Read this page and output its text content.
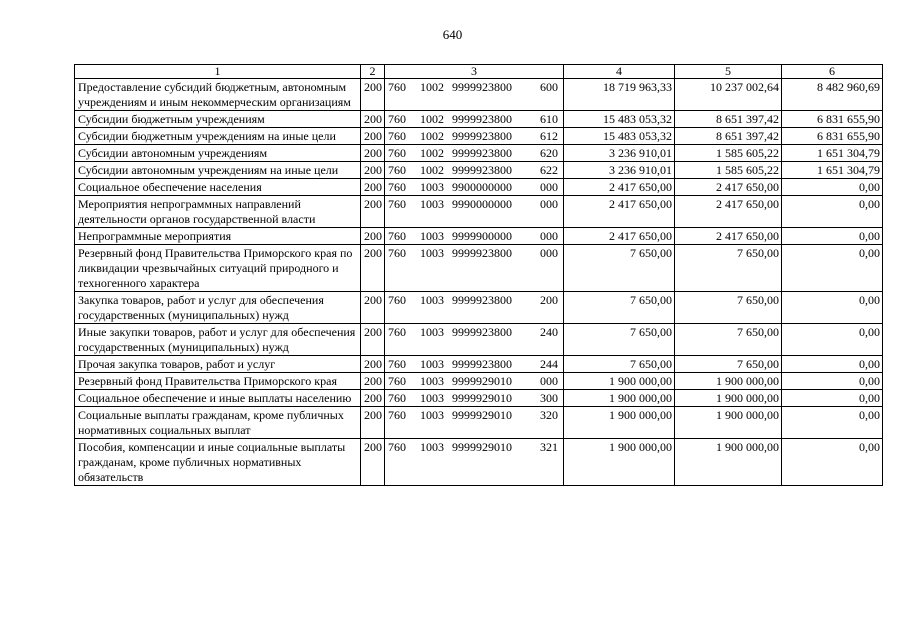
640
1	2	3	4	5	6
Предоставление субсидий бюджетным, автономным учреждениям и иным некоммерческим организациям	200	760 1002 9999923800 600	18 719 963,33	10 237 002,64	8 482 960,69
Субсидии бюджетным учреждениям	200	760 1002 9999923800 610	15 483 053,32	8 651 397,42	6 831 655,90
Субсидии бюджетным учреждениям на иные цели	200	760 1002 9999923800 612	15 483 053,32	8 651 397,42	6 831 655,90
Субсидии автономным учреждениям	200	760 1002 9999923800 620	3 236 910,01	1 585 605,22	1 651 304,79
Субсидии автономным учреждениям на иные цели	200	760 1002 9999923800 622	3 236 910,01	1 585 605,22	1 651 304,79
Социальное обеспечение населения	200	760 1003 9900000000 000	2 417 650,00	2 417 650,00	0,00
Мероприятия непрограммных направлений деятельности органов государственной власти	200	760 1003 9990000000 000	2 417 650,00	2 417 650,00	0,00
Непрограммные мероприятия	200	760 1003 9999900000 000	2 417 650,00	2 417 650,00	0,00
Резервный фонд Правительства Приморского края по ликвидации чрезвычайных ситуаций природного и техногенного характера	200	760 1003 9999923800 000	7 650,00	7 650,00	0,00
Закупка товаров, работ и услуг для обеспечения государственных (муниципальных) нужд	200	760 1003 9999923800 200	7 650,00	7 650,00	0,00
Иные закупки товаров, работ и услуг для обеспечения государственных (муниципальных) нужд	200	760 1003 9999923800 240	7 650,00	7 650,00	0,00
Прочая закупка товаров, работ и услуг	200	760 1003 9999923800 244	7 650,00	7 650,00	0,00
Резервный фонд Правительства Приморского края	200	760 1003 9999929010 000	1 900 000,00	1 900 000,00	0,00
Социальное обеспечение и иные выплаты населению	200	760 1003 9999929010 300	1 900 000,00	1 900 000,00	0,00
Социальные выплаты гражданам, кроме публичных нормативных социальных выплат	200	760 1003 9999929010 320	1 900 000,00	1 900 000,00	0,00
Пособия, компенсации и иные социальные выплаты гражданам, кроме публичных нормативных обязательств	200	760 1003 9999929010 321	1 900 000,00	1 900 000,00	0,00
